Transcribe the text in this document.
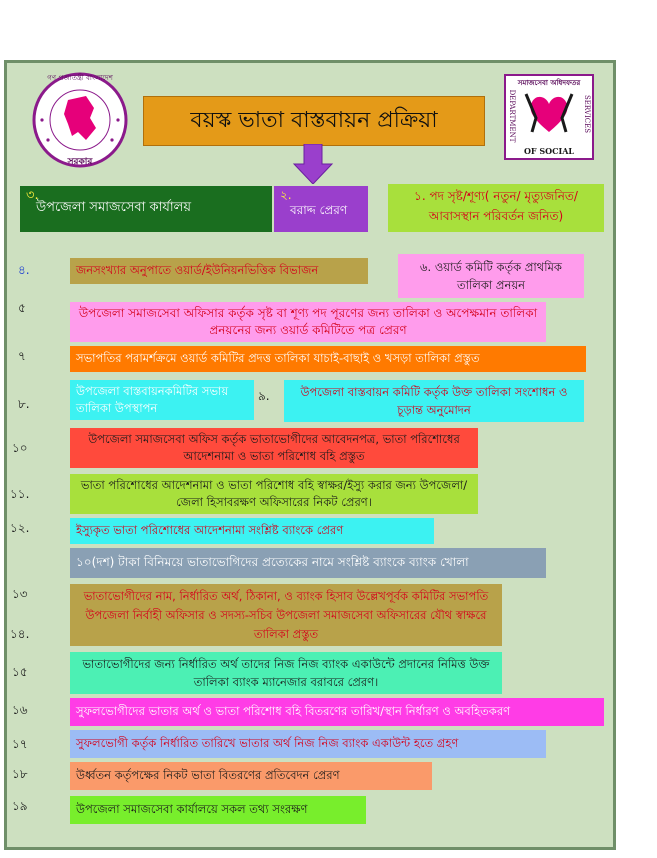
গণ প্রজাতন্ত্রী বাংলাদেশ
সরকার
সমাজসেবা অধিদফতর
DEPARTMENT	SERVICES
OF SOCIAL
বয়স্ক ভাতা বাস্তবায়ন প্রক্রিয়া
৩.
উপজেলা সমাজসেবা কার্যালয়
২.
বরাদ্দ প্রেরণ
১. পদ সৃষ্ট/শূণ্য( নতুন/ মৃত্যুজনিত/ আবাসস্থান পরিবর্তন জনিত)
জনসংখ্যার অনুপাতে ওয়ার্ড/ইউনিয়নভিত্তিক বিভাজন	৬. ওয়ার্ড কমিটি কর্তৃক প্রাথমিক তালিকা প্রনয়ন
উপজেলা সমাজসেবা অফিসার কর্তৃক সৃষ্ট বা শূণ্য পদ পূরণের জন্য তালিকা ও অপেক্ষমান তালিকা প্রনয়নের জন্য ওয়ার্ড কমিটিতে পত্র প্রেরণ
সভাপতির পরামর্শক্রমে ওয়ার্ড কমিটির প্রদত্ত তালিকা যাচাই-বাছাই ও খসড়া তালিকা প্রস্তুত
উপজেলা বাস্তবায়নকমিটির সভায় তালিকা উপস্থাপন
উপজেলা বাস্তবায়ন কমিটি কর্তৃক উক্ত তালিকা সংশোধন ও চূড়ান্ত অনুমোদন
উপজেলা সমাজসেবা অফিস কর্তৃক ভাতাভোগীদের আবেদনপত্র, ভাতা পরিশোধের আদেশনামা ও ভাতা পরিশোধ বহি প্রস্তুত
ভাতা পরিশোধের আদেশনামা ও ভাতা পরিশোধ বহি স্বাক্ষর/ইস্যু করার জন্য উপজেলা/জেলা হিসাবরক্ষণ অফিসারের নিকট প্রেরণ।
ইস্যুকৃত ভাতা পরিশোধের আদেশনামা সংশ্লিষ্ট ব্যাংকে প্রেরণ
১০(দশ) টাকা বিনিময়ে ভাতাভোগিদের প্রত্যেকের নামে সংশ্লিষ্ট ব্যাংকে ব্যাংক খোলা
ভাতাভোগীদের নাম, নির্ধারিত অর্থ, ঠিকানা, ও ব্যাংক হিসাব উল্লেখপূর্বক কমিটির সভাপতি উপজেলা নির্বাহী অফিসার ও সদস্য-সচিব উপজেলা সমাজসেবা অফিসারের যৌথ স্বাক্ষরে তালিকা প্রস্তুত
ভাতাভোগীদের জন্য নির্ধারিত অর্থ তাদের নিজ নিজ ব্যাংক একাউন্টে প্রদানের নিমিত্ত উক্ত তালিকা ব্যাংক ম্যানেজার বরাবরে প্রেরণ।
সুফলভোগীদের ভাতার অর্থ ও ভাতা পরিশোধ বহি বিতরণের তারিখ/স্থান নির্ধারণ ও অবহিতকরণ
সুফলভোগী কর্তৃক নির্ধারিত তারিখে ভাতার অর্থ নিজ নিজ ব্যাংক একাউন্ট হতে গ্রহণ
উর্ধ্বতন কর্তৃপক্ষের নিকট ভাতা বিতরণের প্রতিবেদন প্রেরণ
উপজেলা সমাজসেবা কার্যালয়ে সকল তথ্য সংরক্ষণ
৪.
৫
৭
৮.
৯.
১০
১১.
১২.
১৩
১৪.
১৫
১৬
১৭
১৮
১৯
